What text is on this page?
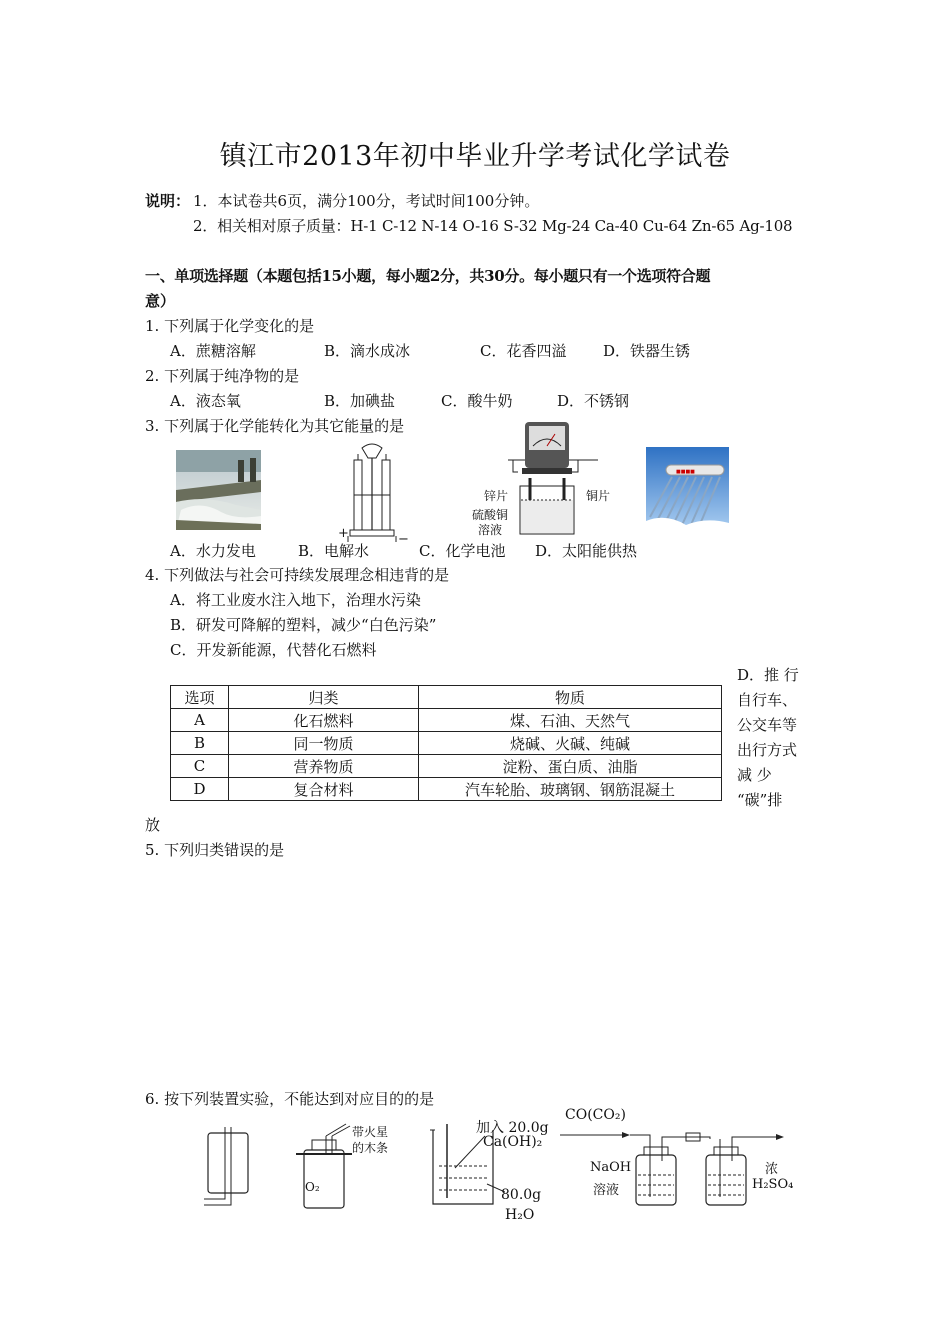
镇江市2013年初中毕业升学考试化学试卷
说明： 1．本试卷共6页，满分100分，考试时间100分钟。
2．相关相对原子质量：H-1 C-12 N-14 O-16 S-32 Mg-24 Ca-40 Cu-64 Zn-65 Ag-108
一、单项选择题（本题包括15小题，每小题2分，共30分。每小题只有一个选项符合题
意）
1. 下列属于化学变化的是
A．蔗糖溶解	B．滴水成冰	C．花香四溢 D．铁器生锈
2. 下列属于纯净物的是
A．液态氧	B．加碘盐	C．酸牛奶	D．不锈钢
3. 下列属于化学能转化为其它能量的是
+	−
锌片	铜片
硫酸铜
溶液
■■■■
A．水力发电	B．电解水	C．化学电池 D．太阳能供热
4. 下列做法与社会可持续发展理念相违背的是
A．将工业废水注入地下，治理水污染
B．研发可降解的塑料，减少“白色污染”
C．开发新能源，代替化石燃料
D．推 行
自行车、
公交车等
出行方式
减 少
“碳”排
放
选项	归类	物质
A	化石燃料	煤、石油、天然气
B	同一物质	烧碱、火碱、纯碱
C	营养物质	淀粉、蛋白质、油脂
D	复合材料	汽车轮胎、玻璃钢、钢筋混凝土
5. 下列归类错误的是
6. 按下列装置实验，不能达到对应目的的是
O₂
带火星
的木条
加入 20.0g
Ca(OH)₂
80.0g
H₂O
CO(CO₂)
NaOH
溶液
浓
H₂SO₄
